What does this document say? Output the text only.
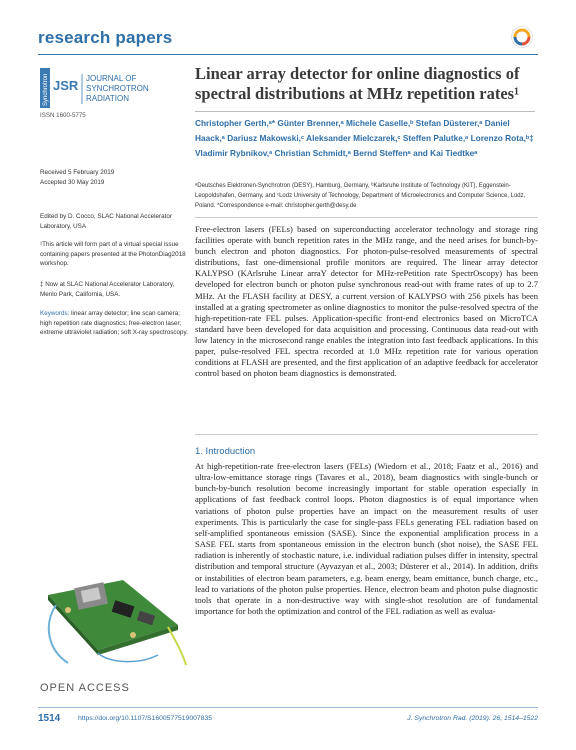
research papers
Synchrotron JSR JOURNAL OF
SYNCHROTRON
RADIATION
ISSN 1600-5775
Received 5 February 2019
Accepted 30 May 2019
Edited by D. Cocco, SLAC National Accelerator Laboratory, USA
¹This article will form part of a virtual special issue containing papers presented at the PhotonDiag2018 workshop.
‡ Now at SLAC National Accelerator Laboratory, Menlo Park, California, USA.
Keywords: linear array detector; line scan camera; high repetition rate diagnostics; free-electron laser; extreme ultraviolet radiation; soft X-ray spectroscopy.
OPEN ACCESS
Linear array detector for online diagnostics of spectral distributions at MHz repetition rates¹
Christopher Gerth,ᵃ* Günter Brenner,ᵃ Michele Caselle,ᵇ Stefan Düsterer,ᵃ Daniel Haack,ᵃ Dariusz Makowski,ᶜ Aleksander Mielczarek,ᶜ Steffen Palutke,ᵃ Lorenzo Rota,ᵇ‡ Vladimir Rybnikov,ᵃ Christian Schmidt,ᵃ Bernd Steffenᵃ and Kai Tiedtkeᵃ
ᵃDeutsches Elektronen-Synchrotron (DESY), Hamburg, Germany, ᵇKarlsruhe Institute of Technology (KIT), Eggenstein-Leopoldshafen, Germany, and ᶜLodz University of Technology, Department of Microelectronics and Computer Science, Lodz, Poland. *Correspondence e-mail: christopher.gerth@desy.de
Free-electron lasers (FELs) based on superconducting accelerator technology and storage ring facilities operate with bunch repetition rates in the MHz range, and the need arises for bunch-by-bunch electron and photon diagnostics. For photon-pulse-resolved measurements of spectral distributions, fast one-dimensional profile monitors are required. The linear array detector KALYPSO (KArlsruhe Linear arraY detector for MHz-rePetition rate SpectrOscopy) has been developed for electron bunch or photon pulse synchronous read-out with frame rates of up to 2.7 MHz. At the FLASH facility at DESY, a current version of KALYPSO with 256 pixels has been installed at a grating spectrometer as online diagnostics to monitor the pulse-resolved spectra of the high-repetition-rate FEL pulses. Application-specific front-end electronics based on MicroTCA standard have been developed for data acquisition and processing. Continuous data read-out with low latency in the microsecond range enables the integration into fast feedback applications. In this paper, pulse-resolved FEL spectra recorded at 1.0 MHz repetition rate for various operation conditions at FLASH are presented, and the first application of an adaptive feedback for accelerator control based on photon beam diagnostics is demonstrated.
1. Introduction
At high-repetition-rate free-electron lasers (FELs) (Wiedorn et al., 2018; Faatz et al., 2016) and ultra-low-emittance storage rings (Tavares et al., 2018), beam diagnostics with single-bunch or bunch-by-bunch resolution become increasingly important for stable operation especially in applications of fast feedback control loops. Photon diagnostics is of equal importance when variations of photon pulse properties have an impact on the measurement results of user experiments. This is particularly the case for single-pass FELs generating FEL radiation based on self-amplified spontaneous emission (SASE). Since the exponential amplification process in a SASE FEL starts from spontaneous emission in the electron bunch (shot noise), the SASE FEL radiation is inherently of stochastic nature, i.e. individual radiation pulses differ in intensity, spectral distribution and temporal structure (Ayvazyan et al., 2003; Düsterer et al., 2014). In addition, drifts or instabilities of electron beam parameters, e.g. beam energy, beam emittance, bunch charge, etc., lead to variations of the photon pulse properties. Hence, electron beam and photon pulse diagnostic tools that operate in a non-destructive way with single-shot resolution are of fundamental importance for both the optimization and control of the FEL radiation as well as evalua-
1514	https://doi.org/10.1107/S1600577519007835	J. Synchrotron Rad. (2019). 26, 1514–1522
